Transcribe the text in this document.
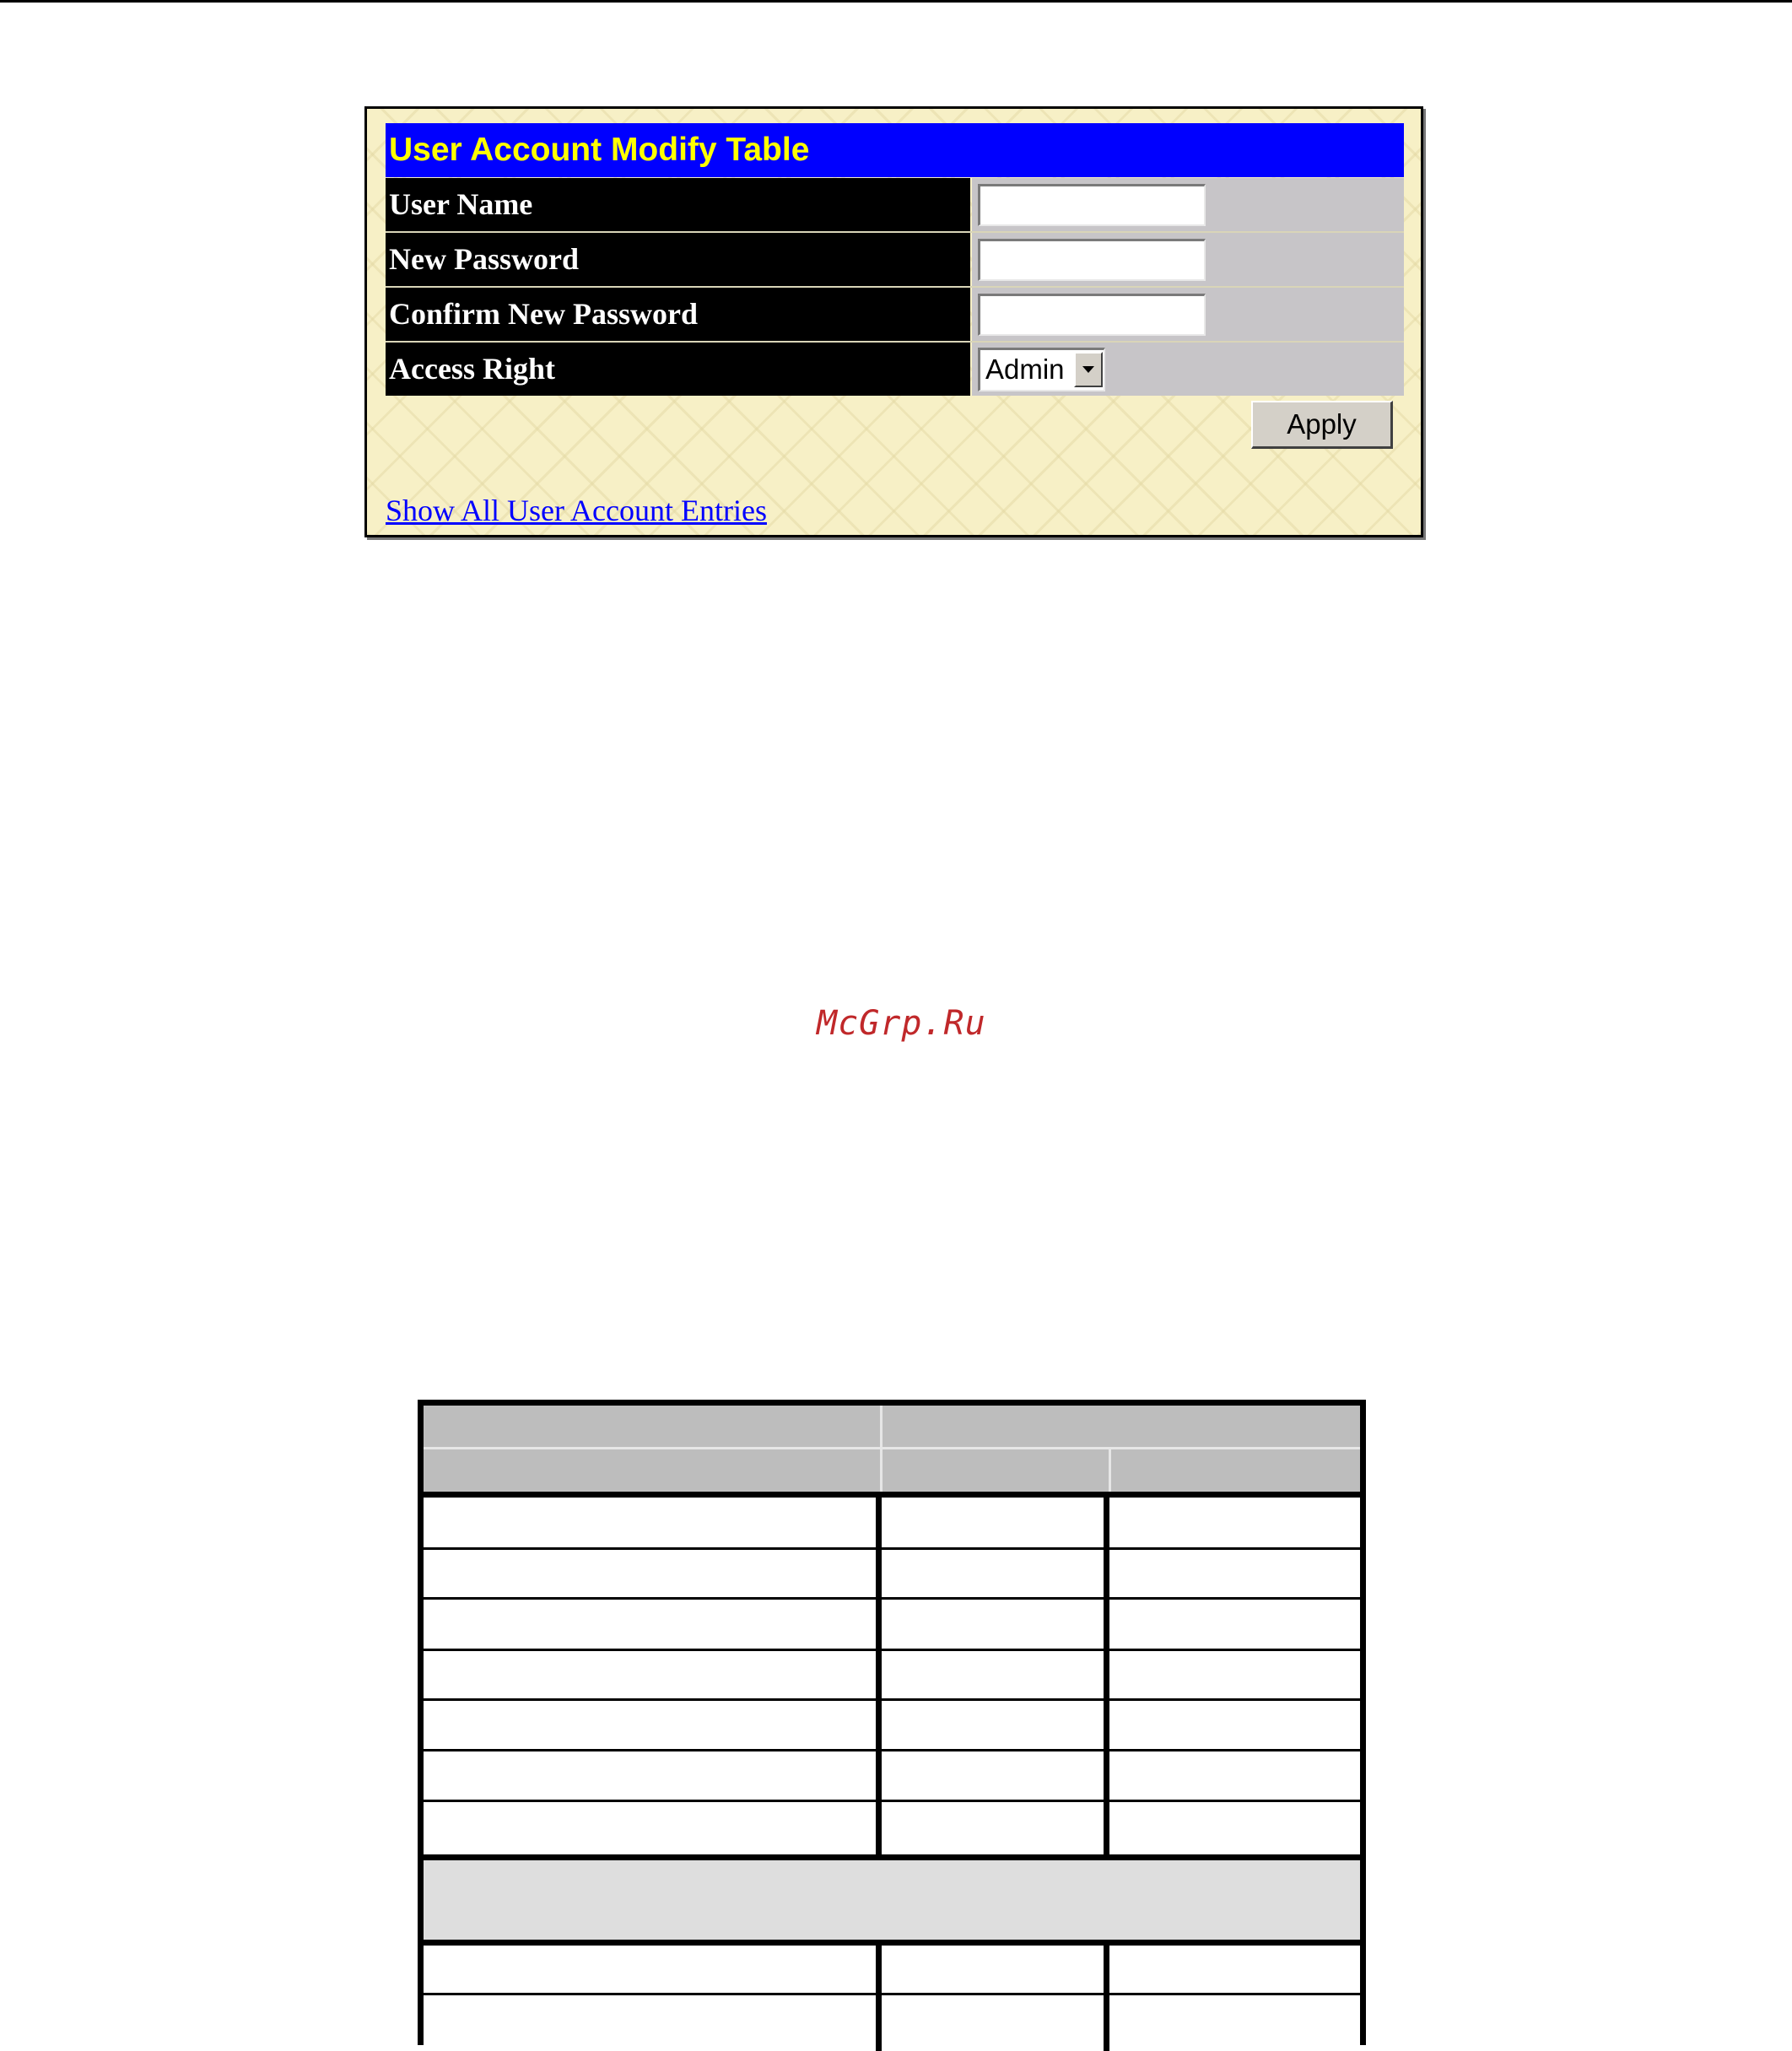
User Account Modify Table
User Name
New Password
Confirm New Password
Access Right	Admin
Apply
Show All User Account Entries
McGrp.Ru
